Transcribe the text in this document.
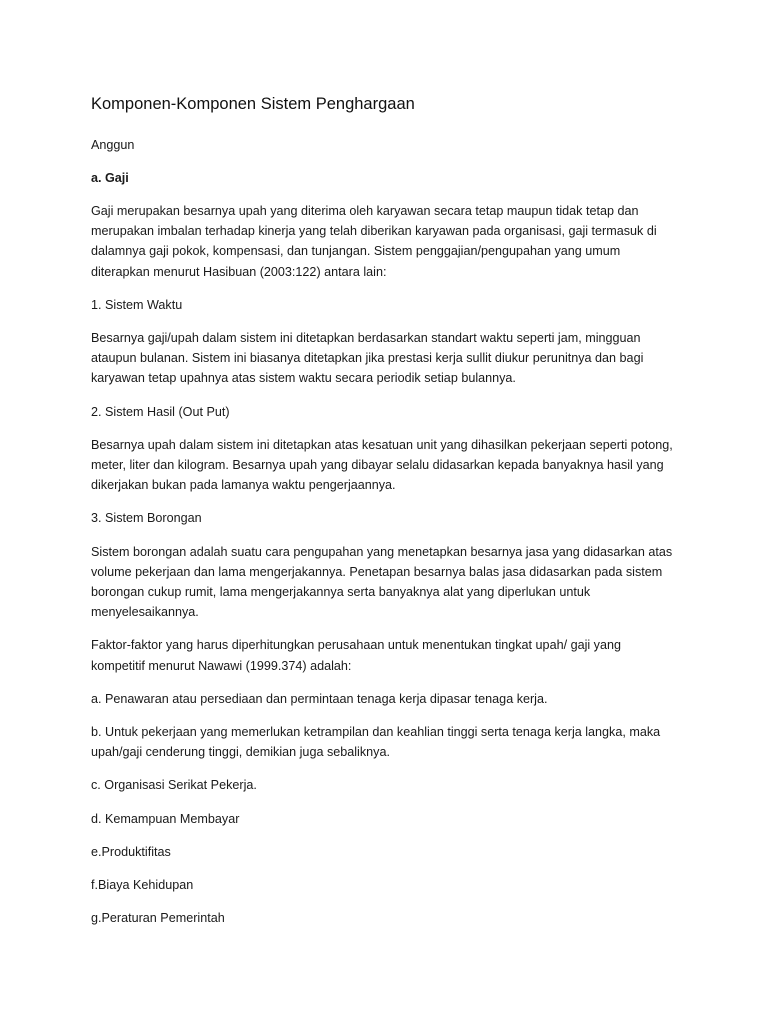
Komponen-Komponen Sistem Penghargaan
Anggun
a. Gaji
Gaji merupakan besarnya upah yang diterima oleh karyawan secara tetap maupun tidak tetap dan
merupakan imbalan terhadap kinerja yang telah diberikan karyawan pada organisasi, gaji termasuk di
dalamnya gaji pokok, kompensasi, dan tunjangan. Sistem penggajian/pengupahan yang umum
diterapkan menurut Hasibuan (2003:122) antara lain:
1. Sistem Waktu
Besarnya gaji/upah dalam sistem ini ditetapkan berdasarkan standart waktu seperti jam, mingguan
ataupun bulanan. Sistem ini biasanya ditetapkan jika prestasi kerja sullit diukur perunitnya dan bagi
karyawan tetap upahnya atas sistem waktu secara periodik setiap bulannya.
2. Sistem Hasil (Out Put)
Besarnya upah dalam sistem ini ditetapkan atas kesatuan unit yang dihasilkan pekerjaan seperti potong,
meter, liter dan kilogram. Besarnya upah yang dibayar selalu didasarkan kepada banyaknya hasil yang
dikerjakan bukan pada lamanya waktu pengerjaannya.
3. Sistem Borongan
Sistem borongan adalah suatu cara pengupahan yang menetapkan besarnya jasa yang didasarkan atas
volume pekerjaan dan lama mengerjakannya. Penetapan besarnya balas jasa didasarkan pada sistem
borongan cukup rumit, lama mengerjakannya serta banyaknya alat yang diperlukan untuk
menyelesaikannya.
Faktor-faktor yang harus diperhitungkan perusahaan untuk menentukan tingkat upah/ gaji yang
kompetitif menurut Nawawi (1999.374) adalah:
a. Penawaran atau persediaan dan permintaan tenaga kerja dipasar tenaga kerja.
b. Untuk pekerjaan yang memerlukan ketrampilan dan keahlian tinggi serta tenaga kerja langka, maka
upah/gaji cenderung tinggi, demikian juga sebaliknya.
c. Organisasi Serikat Pekerja.
d. Kemampuan Membayar
e.Produktifitas
f.Biaya Kehidupan
g.Peraturan Pemerintah
